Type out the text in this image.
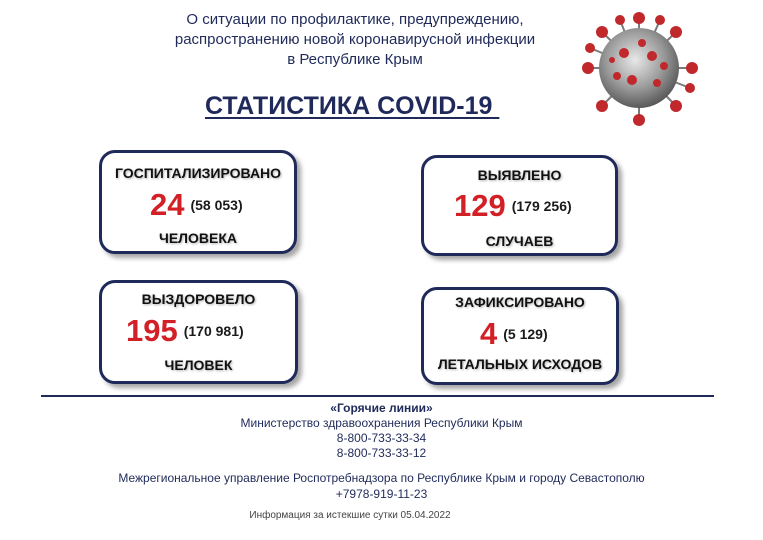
О ситуации по профилактике, предупреждению,
распространению новой коронавирусной инфекции
в Республике Крым
СТАТИСТИКА COVID-19
ГОСПИТАЛИЗИРОВАНО
24 (58 053)
ЧЕЛОВЕКА
ВЫЯВЛЕНО
129 (179 256)
СЛУЧАЕВ
ВЫЗДОРОВЕЛО
195 (170 981)
ЧЕЛОВЕК
ЗАФИКСИРОВАНО
4 (5 129)
ЛЕТАЛЬНЫХ ИСХОДОВ
«Горячие линии»
Министерство здравоохранения Республики Крым
8-800-733-33-34
8-800-733-33-12
Межрегиональное управление Роспотребнадзора по Республике Крым и городу Севастополю
+7978-919-11-23
Информация за истекшие сутки 05.04.2022
